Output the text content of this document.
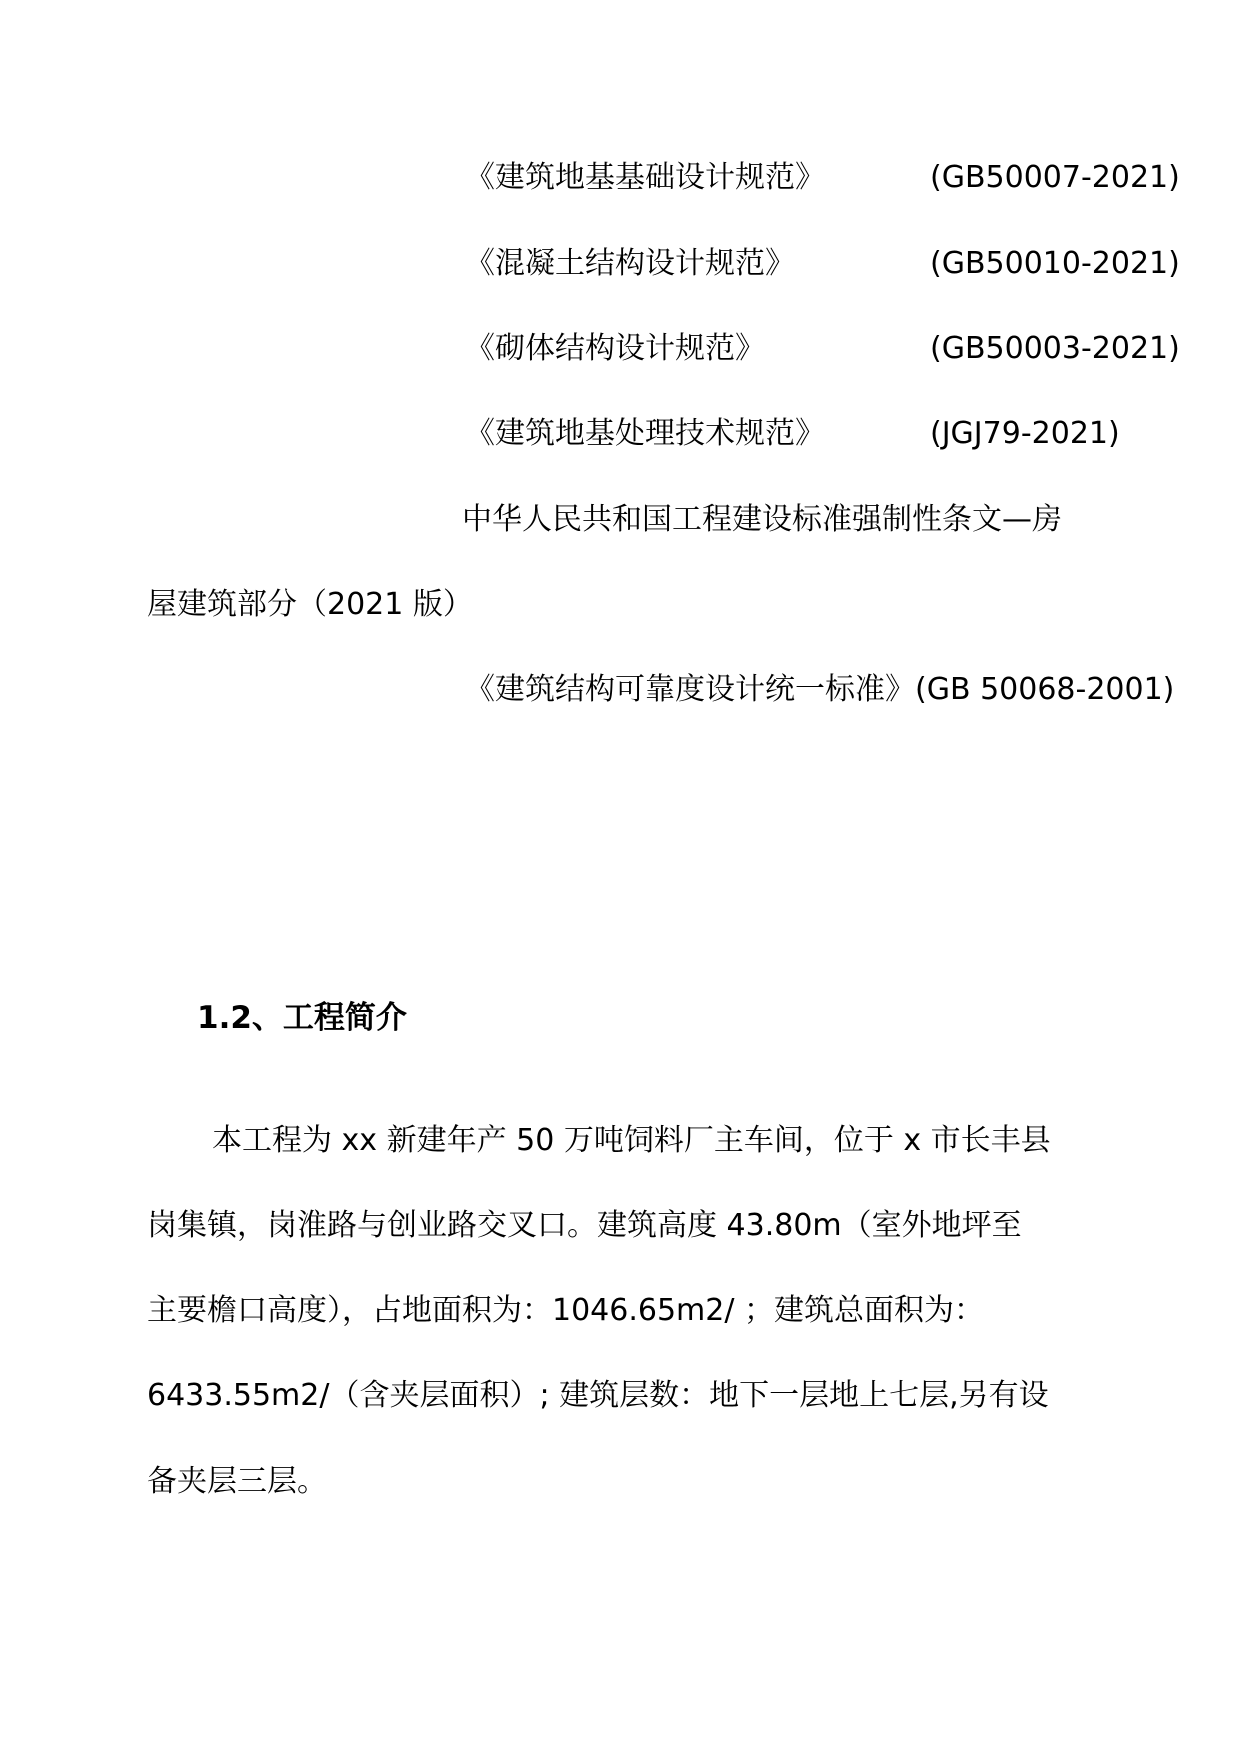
《建筑地基基础设计规范》	(GB50007-2021)
《混凝土结构设计规范》	(GB50010-2021)
《砌体结构设计规范》	(GB50003-2021)
《建筑地基处理技术规范》	(JGJ79-2021)
中华人民共和国工程建设标准强制性条文—房
屋建筑部分（2021 版）
《建筑结构可靠度设计统一标准》(GB 50068-2001)
1.2、工程简介
本工程为 xx 新建年产 50 万吨饲料厂主车间，位于 x 市长丰县
岗集镇，岗淮路与创业路交叉口。建筑高度 43.80m（室外地坪至
主要檐口高度），占地面积为：1046.65m2/ ；建筑总面积为：
6433.55m2/（含夹层面积）; 建筑层数：地下一层地上七层,另有设
备夹层三层。
